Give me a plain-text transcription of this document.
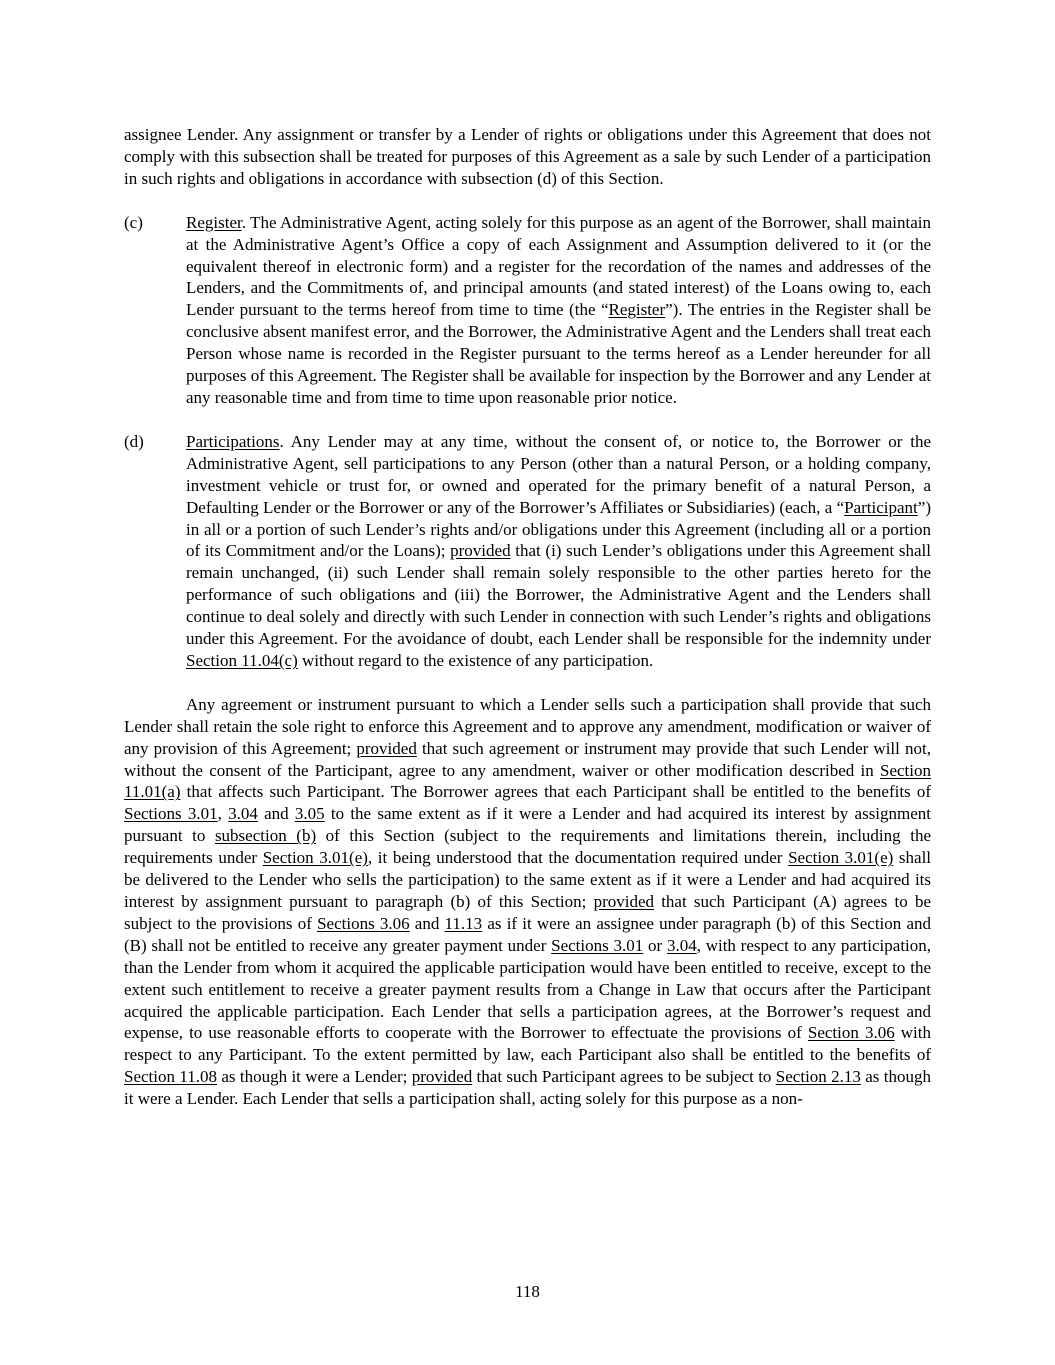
assignee Lender. Any assignment or transfer by a Lender of rights or obligations under this Agreement that does not comply with this subsection shall be treated for purposes of this Agreement as a sale by such Lender of a participation in such rights and obligations in accordance with subsection (d) of this Section.

(c)	Register. The Administrative Agent, acting solely for this purpose as an agent of the Borrower, shall maintain at the Administrative Agent’s Office a copy of each Assignment and Assumption delivered to it (or the equivalent thereof in electronic form) and a register for the recordation of the names and addresses of the Lenders, and the Commitments of, and principal amounts (and stated interest) of the Loans owing to, each Lender pursuant to the terms hereof from time to time (the “Register”). The entries in the Register shall be conclusive absent manifest error, and the Borrower, the Administrative Agent and the Lenders shall treat each Person whose name is recorded in the Register pursuant to the terms hereof as a Lender hereunder for all purposes of this Agreement. The Register shall be available for inspection by the Borrower and any Lender at any reasonable time and from time to time upon reasonable prior notice.

(d) Participations. Any Lender may at any time, without the consent of, or notice to, the Borrower or the Administrative Agent, sell participations to any Person (other than a natural Person, or a holding company, investment vehicle or trust for, or owned and operated for the primary benefit of a natural Person, a Defaulting Lender or the Borrower or any of the Borrower’s Affiliates or Subsidiaries) (each, a “Participant”) in all or a portion of such Lender’s rights and/or obligations under this Agreement (including all or a portion of its Commitment and/or the Loans); provided that (i) such Lender’s obligations under this Agreement shall remain unchanged, (ii) such Lender shall remain solely responsible to the other parties hereto for the performance of such obligations and (iii) the Borrower, the Administrative Agent and the Lenders shall continue to deal solely and directly with such Lender in connection with such Lender’s rights and obligations under this Agreement. For the avoidance of doubt, each Lender shall be responsible for the indemnity under Section 11.04(c) without regard to the existence of any participation.

Any agreement or instrument pursuant to which a Lender sells such a participation shall provide that such Lender shall retain the sole right to enforce this Agreement and to approve any amendment, modification or waiver of any provision of this Agreement; provided that such agreement or instrument may provide that such Lender will not, without the consent of the Participant, agree to any amendment, waiver or other modification described in Section 11.01(a) that affects such Participant. The Borrower agrees that each Participant shall be entitled to the benefits of Sections 3.01, 3.04 and 3.05 to the same extent as if it were a Lender and had acquired its interest by assignment pursuant to subsection (b) of this Section (subject to the requirements and limitations therein, including the requirements under Section 3.01(e), it being understood that the documentation required under Section 3.01(e) shall be delivered to the Lender who sells the participation) to the same extent as if it were a Lender and had acquired its interest by assignment pursuant to paragraph (b) of this Section; provided that such Participant (A) agrees to be subject to the provisions of Sections 3.06 and 11.13 as if it were an assignee under paragraph (b) of this Section and (B) shall not be entitled to receive any greater payment under Sections 3.01 or 3.04, with respect to any participation, than the Lender from whom it acquired the applicable participation would have been entitled to receive, except to the extent such entitlement to receive a greater payment results from a Change in Law that occurs after the Participant acquired the applicable participation. Each Lender that sells a participation agrees, at the Borrower’s request and expense, to use reasonable efforts to cooperate with the Borrower to effectuate the provisions of Section 3.06 with respect to any Participant. To the extent permitted by law, each Participant also shall be entitled to the benefits of Section 11.08 as though it were a Lender; provided that such Participant agrees to be subject to Section 2.13 as though it were a Lender. Each Lender that sells a participation shall, acting solely for this purpose as a non-

118
